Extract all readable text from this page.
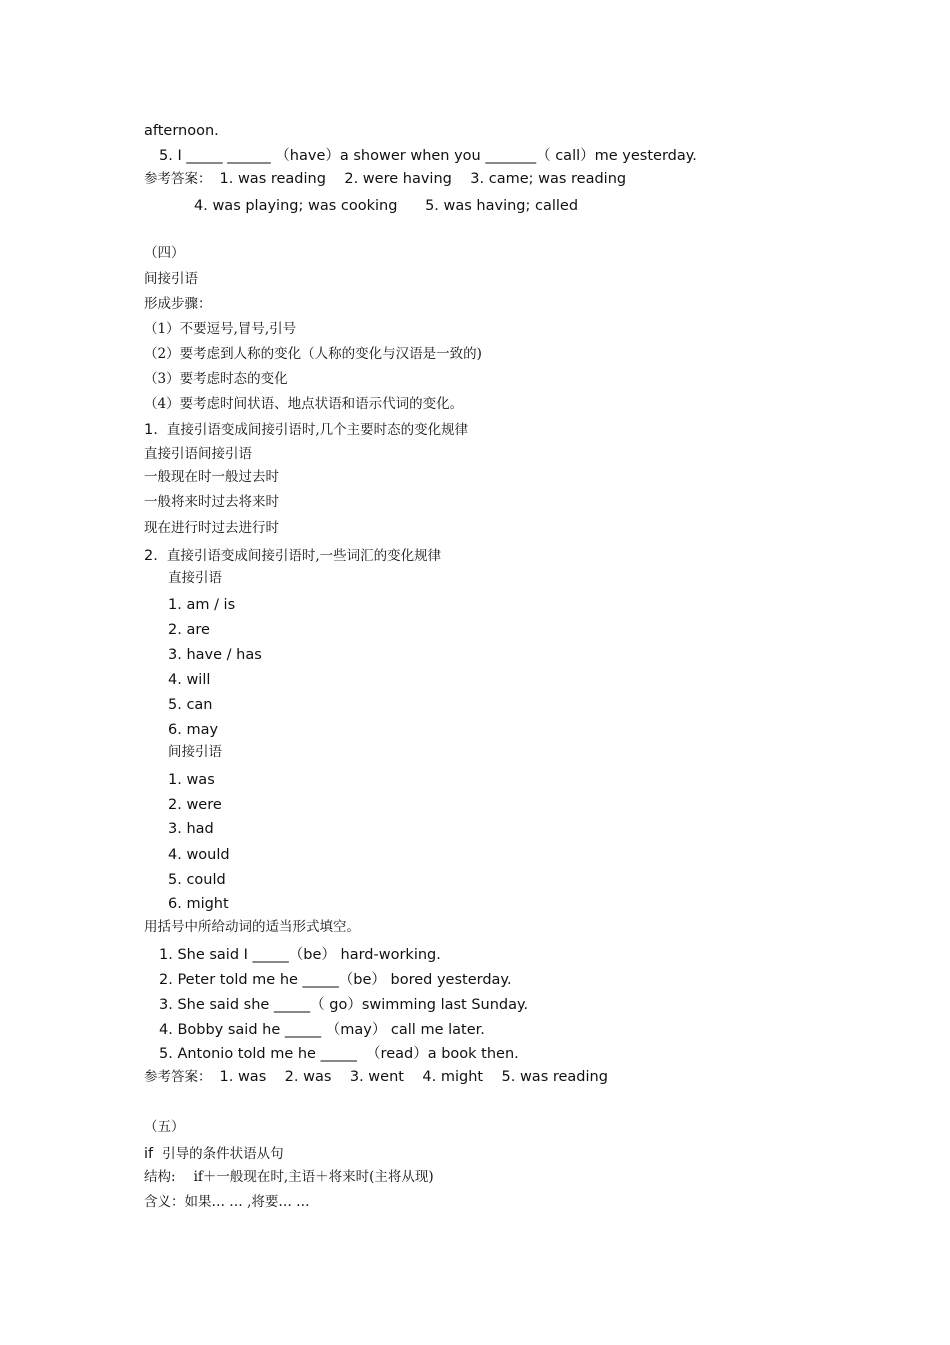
afternoon.
5. I _____ ______ （have）a shower when you _______（ call）me yesterday.
参考答案： 1. was reading    2. were having    3. came; was reading
4. was playing; was cooking      5. was having; called
（四）
间接引语
形成步骤：
（1）不要逗号,冒号,引号
（2）要考虑到人称的变化（人称的变化与汉语是一致的)
（3）要考虑时态的变化
（4）要考虑时间状语、地点状语和语示代词的变化。
1. 直接引语变成间接引语时,几个主要时态的变化规律
直接引语间接引语
一般现在时一般过去时
一般将来时过去将来时
现在进行时过去进行时
2. 直接引语变成间接引语时,一些词汇的变化规律
直接引语
1. am / is
2. are
3. have / has
4. will
5. can
6. may
间接引语
1. was
2. were
3. had
4. would
5. could
6. might
用括号中所给动词的适当形式填空。
1. She said I _____（be） hard-working.
2. Peter told me he _____（be） bored yesterday.
3. She said she _____（ go）swimming last Sunday.
4. Bobby said he _____ （may） call me later.
5. Antonio told me he _____  （read）a book then.
参考答案： 1. was    2. was    3. went    4. might    5. was reading
（五）
if 引导的条件状语从句
结构: if＋一般现在时,主语＋将来时(主将从现)
含义：如果… … ,将要… …
